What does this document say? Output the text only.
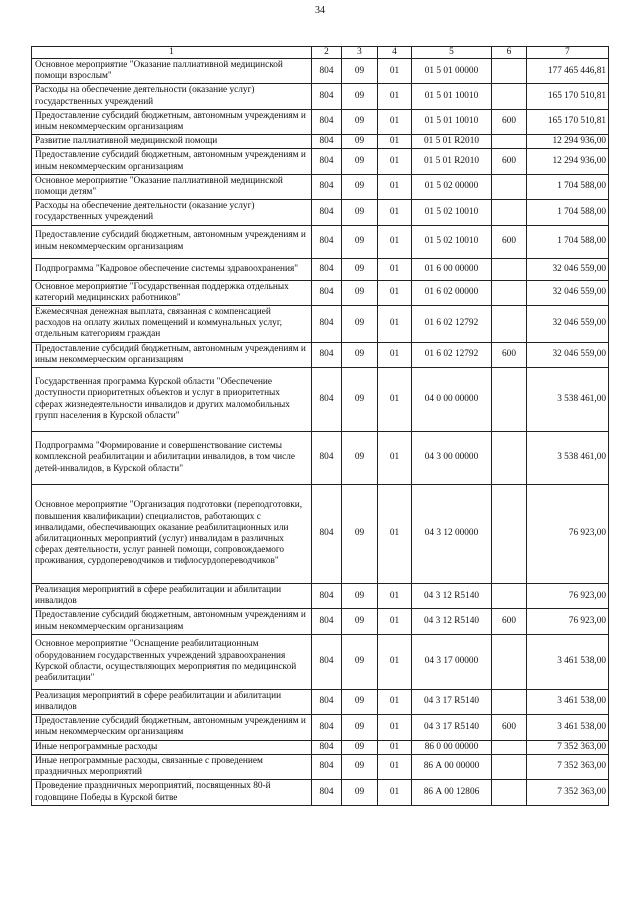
34
1	2	3	4	5	6	7
Основное мероприятие "Оказание паллиативной медицинской помощи взрослым"	804	09	01	01 5 01 00000		177 465 446,81
Расходы на обеспечение деятельности (оказание услуг) государственных учреждений	804	09	01	01 5 01 10010		165 170 510,81
Предоставление субсидий бюджетным, автономным учреждениям и иным некоммерческим организациям	804	09	01	01 5 01 10010	600	165 170 510,81
Развитие паллиативной медицинской помощи	804	09	01	01 5 01 R2010		12 294 936,00
Предоставление субсидий бюджетным, автономным учреждениям и иным некоммерческим организациям	804	09	01	01 5 01 R2010	600	12 294 936,00
Основное мероприятие "Оказание паллиативной медицинской помощи детям"	804	09	01	01 5 02 00000		1 704 588,00
Расходы на обеспечение деятельности (оказание услуг) государственных учреждений	804	09	01	01 5 02 10010		1 704 588,00
Предоставление субсидий бюджетным, автономным учреждениям и иным некоммерческим организациям	804	09	01	01 5 02 10010	600	1 704 588,00
Подпрограмма "Кадровое обеспечение системы здравоохранения"	804	09	01	01 6 00 00000		32 046 559,00
Основное мероприятие "Государственная поддержка отдельных категорий медицинских работников"	804	09	01	01 6 02 00000		32 046 559,00
Ежемесячная денежная выплата, связанная с компенсацией расходов на оплату жилых помещений и коммунальных услуг, отдельным категориям граждан	804	09	01	01 6 02 12792		32 046 559,00
Предоставление субсидий бюджетным, автономным учреждениям и иным некоммерческим организациям	804	09	01	01 6 02 12792	600	32 046 559,00
Государственная программа Курской области "Обеспечение доступности приоритетных объектов и услуг в приоритетных сферах жизнедеятельности инвалидов и других маломобильных групп населения в Курской области"	804	09	01	04 0 00 00000		3 538 461,00
Подпрограмма "Формирование и совершенствование системы комплексной реабилитации и абилитации инвалидов, в том числе детей-инвалидов, в Курской области"	804	09	01	04 3 00 00000		3 538 461,00
Основное мероприятие "Организация подготовки (переподготовки, повышения квалификации) специалистов, работающих с инвалидами, обеспечивающих оказание реабилитационных или абилитационных мероприятий (услуг) инвалидам в различных сферах деятельности, услуг ранней помощи, сопровождаемого проживания, сурдопереводчиков и тифлосурдопереводчиков"	804	09	01	04 3 12 00000		76 923,00
Реализация мероприятий в сфере реабилитации и абилитации инвалидов	804	09	01	04 3 12 R5140		76 923,00
Предоставление субсидий бюджетным, автономным учреждениям и иным некоммерческим организациям	804	09	01	04 3 12 R5140	600	76 923,00
Основное мероприятие "Оснащение реабилитационным оборудованием государственных учреждений здравоохранения Курской области, осуществляющих мероприятия по медицинской реабилитации"	804	09	01	04 3 17 00000		3 461 538,00
Реализация мероприятий в сфере реабилитации и абилитации инвалидов	804	09	01	04 3 17 R5140		3 461 538,00
Предоставление субсидий бюджетным, автономным учреждениям и иным некоммерческим организациям	804	09	01	04 3 17 R5140	600	3 461 538,00
Иные непрограммные расходы	804	09	01	86 0 00 00000		7 352 363,00
Иные непрограммные расходы, связанные с проведением праздничных мероприятий	804	09	01	86 А 00 00000		7 352 363,00
Проведение праздничных мероприятий, посвященных 80-й годовщине Победы в Курской битве	804	09	01	86 А 00 12806		7 352 363,00
